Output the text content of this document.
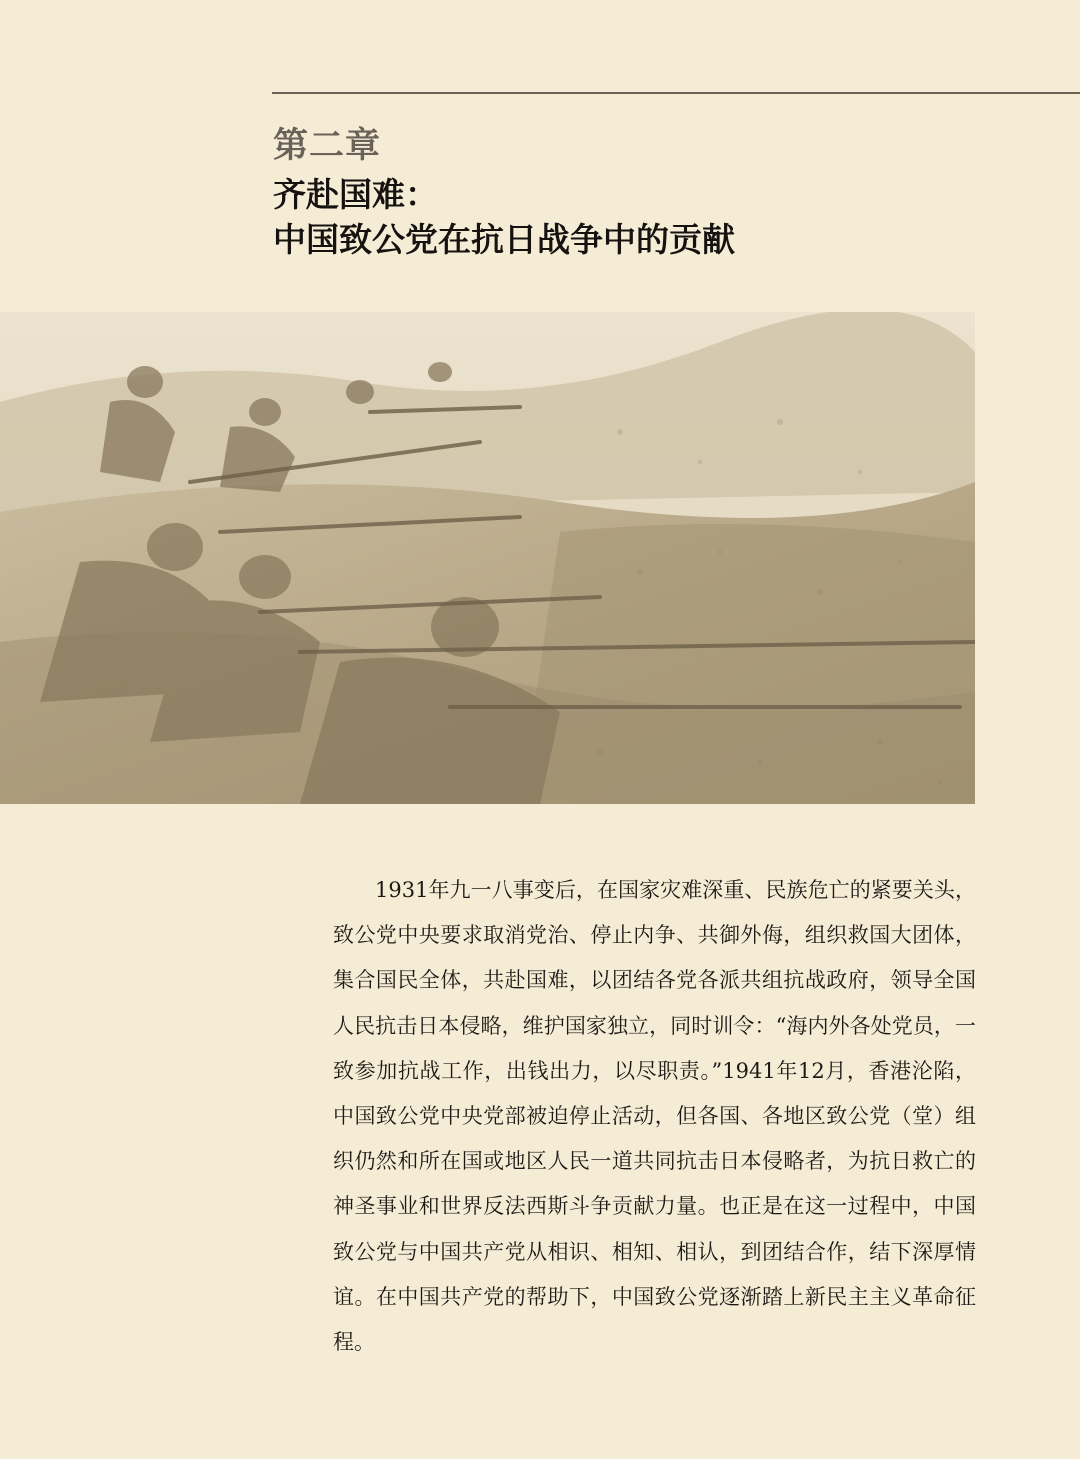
第二章
齐赴国难：
中国致公党在抗日战争中的贡献

1931年九一八事变后，在国家灾难深重、民族危亡的紧要关头，致公党中央要求取消党治、停止内争、共御外侮，组织救国大团体，集合国民全体，共赴国难，以团结各党各派共组抗战政府，领导全国人民抗击日本侵略，维护国家独立，同时训令：“海内外各处党员，一致参加抗战工作，出钱出力，以尽职责。”1941年12月，香港沦陷，中国致公党中央党部被迫停止活动，但各国、各地区致公党（堂）组织仍然和所在国或地区人民一道共同抗击日本侵略者，为抗日救亡的神圣事业和世界反法西斯斗争贡献力量。也正是在这一过程中，中国致公党与中国共产党从相识、相知、相认，到团结合作，结下深厚情谊。在中国共产党的帮助下，中国致公党逐渐踏上新民主主义革命征程。
